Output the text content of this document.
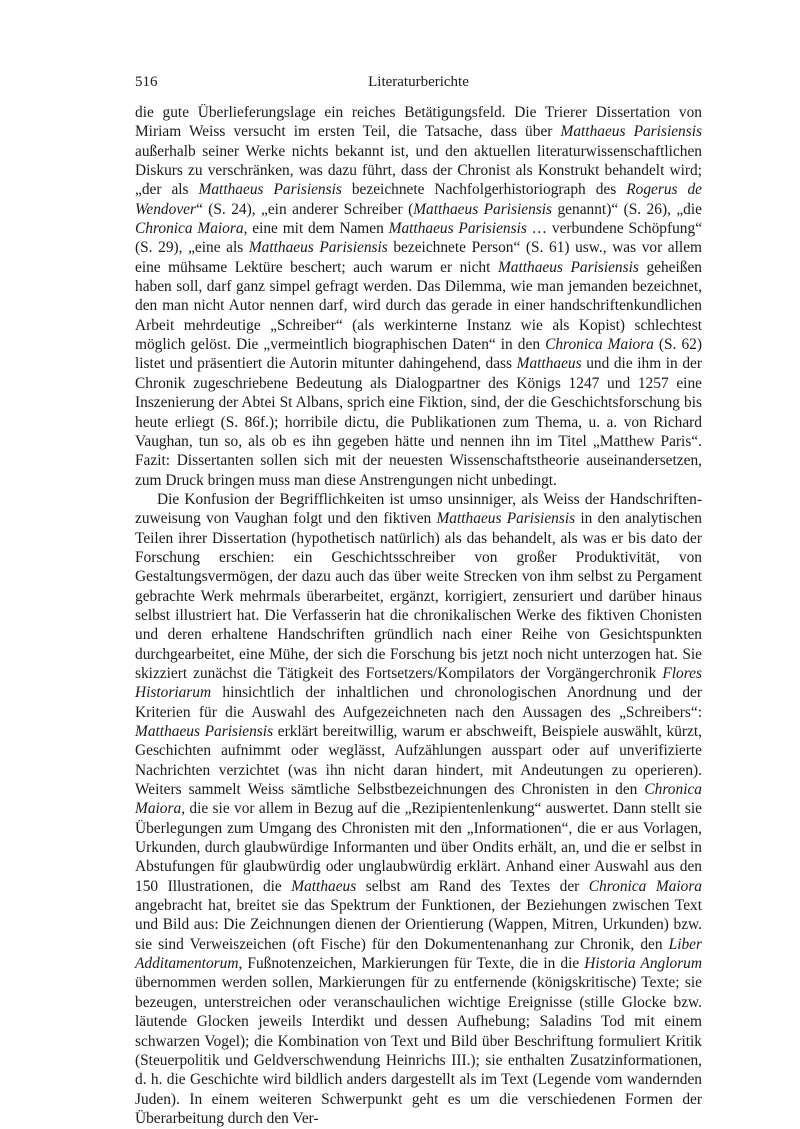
516	Literaturberichte

die gute Überlieferungslage ein reiches Betätigungsfeld. Die Trierer Dissertation von Miriam Weiss versucht im ersten Teil, die Tatsache, dass über Matthaeus Parisiensis außerhalb seiner Werke nichts bekannt ist, und den aktuellen literaturwissenschaftlichen Diskurs zu verschränken, was dazu führt, dass der Chronist als Konstrukt behandelt wird; „der als Matthaeus Parisiensis bezeichnete Nachfolgerhistoriograph des Rogerus de Wendover“ (S. 24), „ein anderer Schreiber (Matthaeus Parisiensis genannt)“ (S. 26), „die Chronica Maiora, eine mit dem Namen Matthaeus Parisiensis … verbundene Schöpfung“ (S. 29), „eine als Matthaeus Parisiensis bezeichnete Person“ (S. 61) usw., was vor allem eine mühsame Lektüre beschert; auch warum er nicht Matthaeus Parisiensis geheißen haben soll, darf ganz simpel gefragt werden. Das Dilemma, wie man jemanden bezeichnet, den man nicht Autor nennen darf, wird durch das gerade in einer handschriftenkundlichen Arbeit mehrdeutige „Schreiber“ (als werkinterne Instanz wie als Kopist) schlechtest möglich gelöst. Die „vermeintlich biographischen Daten“ in den Chronica Maiora (S. 62) listet und präsentiert die Autorin mitunter dahingehend, dass Matthaeus und die ihm in der Chronik zugeschriebene Bedeutung als Dialogpartner des Königs 1247 und 1257 eine Inszenierung der Abtei St Albans, sprich eine Fiktion, sind, der die Geschichtsforschung bis heute erliegt (S. 86f.); horribile dictu, die Publikationen zum Thema, u. a. von Richard Vaughan, tun so, als ob es ihn gegeben hätte und nennen ihn im Titel „Matthew Paris“. Fazit: Dissertanten sollen sich mit der neuesten Wissenschaftstheorie auseinandersetzen, zum Druck bringen muss man diese Anstrengungen nicht unbedingt.

Die Konfusion der Begrifflichkeiten ist umso unsinniger, als Weiss der Handschriftenzuweisung von Vaughan folgt und den fiktiven Matthaeus Parisiensis in den analytischen Teilen ihrer Dissertation (hypothetisch natürlich) als das behandelt, als was er bis dato der Forschung erschien: ein Geschichtsschreiber von großer Produktivität, von Gestaltungsvermögen, der dazu auch das über weite Strecken von ihm selbst zu Pergament gebrachte Werk mehrmals überarbeitet, ergänzt, korrigiert, zensuriert und darüber hinaus selbst illustriert hat. Die Verfasserin hat die chronikalischen Werke des fiktiven Chonisten und deren erhaltene Handschriften gründlich nach einer Reihe von Gesichtspunkten durchgearbeitet, eine Mühe, der sich die Forschung bis jetzt noch nicht unterzogen hat. Sie skizziert zunächst die Tätigkeit des Fortsetzers/Kompilators der Vorgängerchronik Flores Historiarum hinsichtlich der inhaltlichen und chronologischen Anordnung und der Kriterien für die Auswahl des Aufgezeichneten nach den Aussagen des „Schreibers“: Matthaeus Parisiensis erklärt bereitwillig, warum er abschweift, Beispiele auswählt, kürzt, Geschichten aufnimmt oder weglässt, Aufzählungen ausspart oder auf unverifizierte Nachrichten verzichtet (was ihn nicht daran hindert, mit Andeutungen zu operieren). Weiters sammelt Weiss sämtliche Selbstbezeichnungen des Chronisten in den Chronica Maiora, die sie vor allem in Bezug auf die „Rezipientenlenkung“ auswertet. Dann stellt sie Überlegungen zum Umgang des Chronisten mit den „Informationen“, die er aus Vorlagen, Urkunden, durch glaubwürdige Informanten und über Ondits erhält, an, und die er selbst in Abstufungen für glaubwürdig oder unglaubwürdig erklärt. Anhand einer Auswahl aus den 150 Illustrationen, die Matthaeus selbst am Rand des Textes der Chronica Maiora angebracht hat, breitet sie das Spektrum der Funktionen, der Beziehungen zwischen Text und Bild aus: Die Zeichnungen dienen der Orientierung (Wappen, Mitren, Urkunden) bzw. sie sind Verweiszeichen (oft Fische) für den Dokumentenanhang zur Chronik, den Liber Additamentorum, Fußnotenzeichen, Markierungen für Texte, die in die Historia Anglorum übernommen werden sollen, Markierungen für zu entfernende (königskritische) Texte; sie bezeugen, unterstreichen oder veranschaulichen wichtige Ereignisse (stille Glocke bzw. läutende Glocken jeweils Interdikt und dessen Aufhebung; Saladins Tod mit einem schwarzen Vogel); die Kombination von Text und Bild über Beschriftung formuliert Kritik (Steuerpolitik und Geldverschwendung Heinrichs III.); sie enthalten Zusatzinformationen, d. h. die Geschichte wird bildlich anders dargestellt als im Text (Legende vom wandernden Juden). In einem weiteren Schwerpunkt geht es um die verschiedenen Formen der Überarbeitung durch den Ver-
